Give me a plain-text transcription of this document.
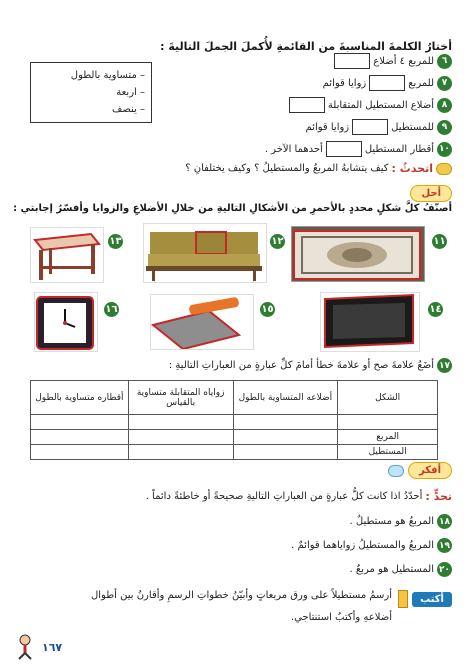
أختارُ الكلمةَ المناسبةَ من القائمةِ لأُكملَ الجملَ التاليةَ :
– متساوية بالطول
– اربعة
– ينصف
٦
للمربع ٤ أضلاع
٧
للمربع
زوايا قوائم
٨
أضلاع المستطيل المتقابلة
٩
للمستطيل
زوايا قوائم
١٠
أقطار المستطيل
أحدهما الآخر .
اتحدثُ :
كيف يتشابهُ المربعُ والمستطيلُ ؟ وكيف يختلفانِ ؟
أحل
أصنّفُ كلَّ شكلٍ محددٍ بالأحمرِ من الأشكالِ التاليةِ من خلالِ الأضلاعِ والزوايا وأفسّرُ إجابتي :
١١
١٢
١٣
١٤
١٥
١٦
١٧
أضَعُ علامةَ صح أو علامةَ خطأ أمامَ كلِّ عبارةٍ من العباراتِ التاليةِ :
الشكل	أضلاعه المتساوية بالطول	زواياه المتقابلة متساوية بالقياس	أقطاره متساوية بالطول

المربع			
المستطيل			
أفكر
تحدٍّ :
أحدّدُ اذا كانت كلُّ عبارةٍ من العباراتِ التاليةِ صحيحةً أو خاطئةً دائماً .
١٨
المربعُ هو مستطيلٌ .
١٩
المربعُ والمستطيلُ زواياهما قوائمٌ .
٢٠
المستطيل هو مربعٌ .
أكتب
أرسمُ مستطيلاً على ورق مربعاتٍ وأبيّنُ خطواتِ الرسمِ وأقارنُ بين أطوال
أضلاعهِ وأكتبُ استنتاجي.
١٦٧
